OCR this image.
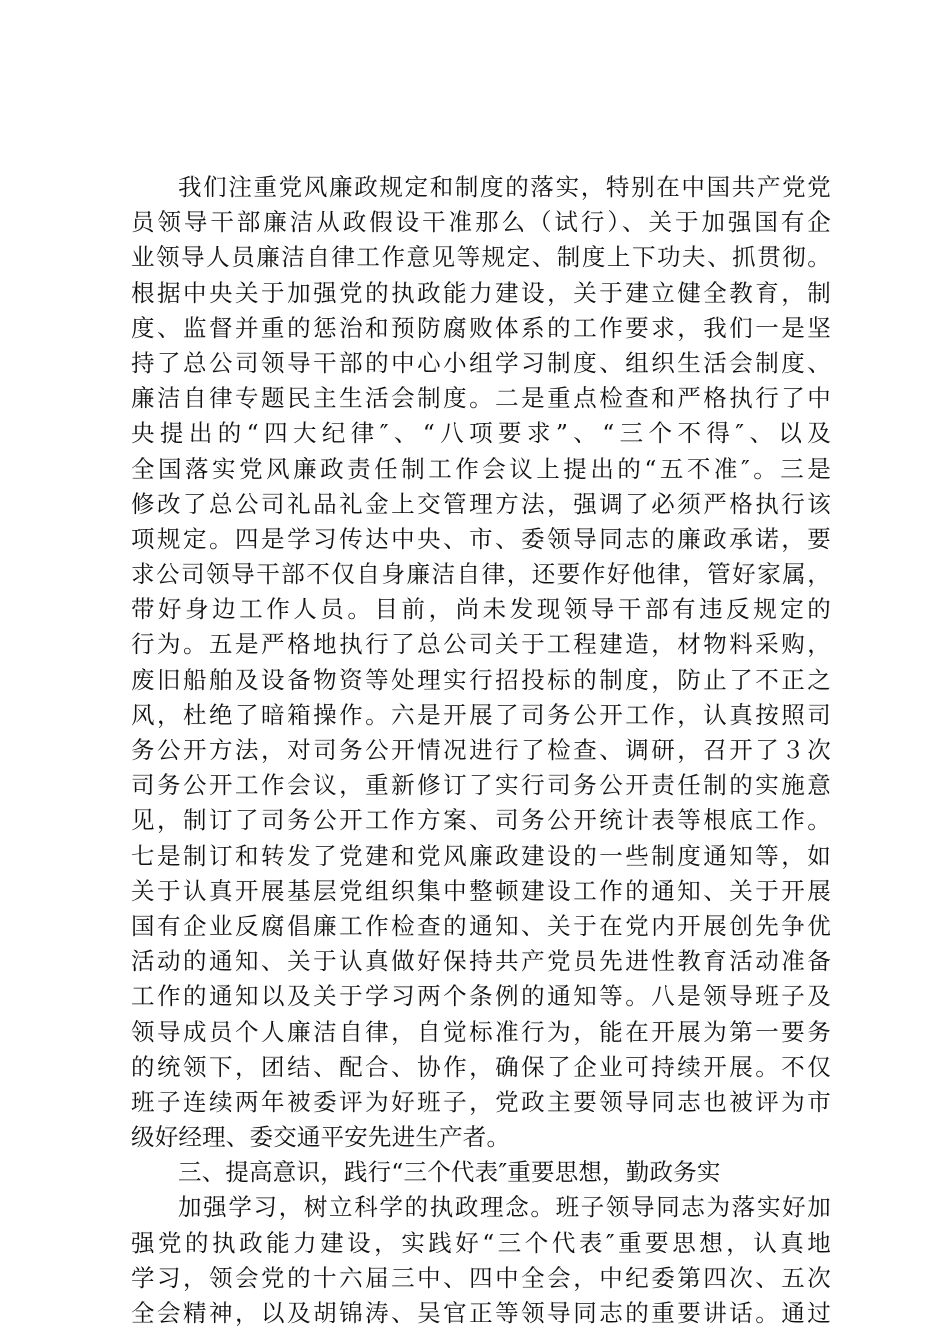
我们注重党风廉政规定和制度的落实，特别在中国共产党党
员领导干部廉洁从政假设干准那么（试行）、关于加强国有企
业领导人员廉洁自律工作意见等规定、制度上下功夫、抓贯彻。
根据中央关于加强党的执政能力建设，关于建立健全教育，制
度、监督并重的惩治和预防腐败体系的工作要求，我们一是坚
持了总公司领导干部的中心小组学习制度、组织生活会制度、
廉洁自律专题民主生活会制度。二是重点检查和严格执行了中
央提出的“四大纪律″、“八项要求”、“三个不得″、以及
全国落实党风廉政责任制工作会议上提出的“五不准″。三是
修改了总公司礼品礼金上交管理方法，强调了必须严格执行该
项规定。四是学习传达中央、市、委领导同志的廉政承诺，要
求公司领导干部不仅自身廉洁自律，还要作好他律，管好家属，
带好身边工作人员。目前，尚未发现领导干部有违反规定的
行为。五是严格地执行了总公司关于工程建造，材物料采购，
废旧船舶及设备物资等处理实行招投标的制度，防止了不正之
风，杜绝了暗箱操作。六是开展了司务公开工作，认真按照司
务公开方法，对司务公开情况进行了检查、调研，召开了３次
司务公开工作会议，重新修订了实行司务公开责任制的实施意
见，制订了司务公开工作方案、司务公开统计表等根底工作。
七是制订和转发了党建和党风廉政建设的一些制度通知等，如
关于认真开展基层党组织集中整顿建设工作的通知、关于开展
国有企业反腐倡廉工作检查的通知、关于在党内开展创先争优
活动的通知、关于认真做好保持共产党员先进性教育活动准备
工作的通知以及关于学习两个条例的通知等。八是领导班子及
领导成员个人廉洁自律，自觉标准行为，能在开展为第一要务
的统领下，团结、配合、协作，确保了企业可持续开展。不仅
班子连续两年被委评为好班子，党政主要领导同志也被评为市
级好经理、委交通平安先进生产者。
三、提高意识，践行“三个代表″重要思想，勤政务实
加强学习，树立科学的执政理念。班子领导同志为落实好加
强党的执政能力建设，实践好“三个代表″重要思想，认真地
学习，领会党的十六届三中、四中全会，中纪委第四次、五次
全会精神，以及胡锦涛、吴官正等领导同志的重要讲话。通过
